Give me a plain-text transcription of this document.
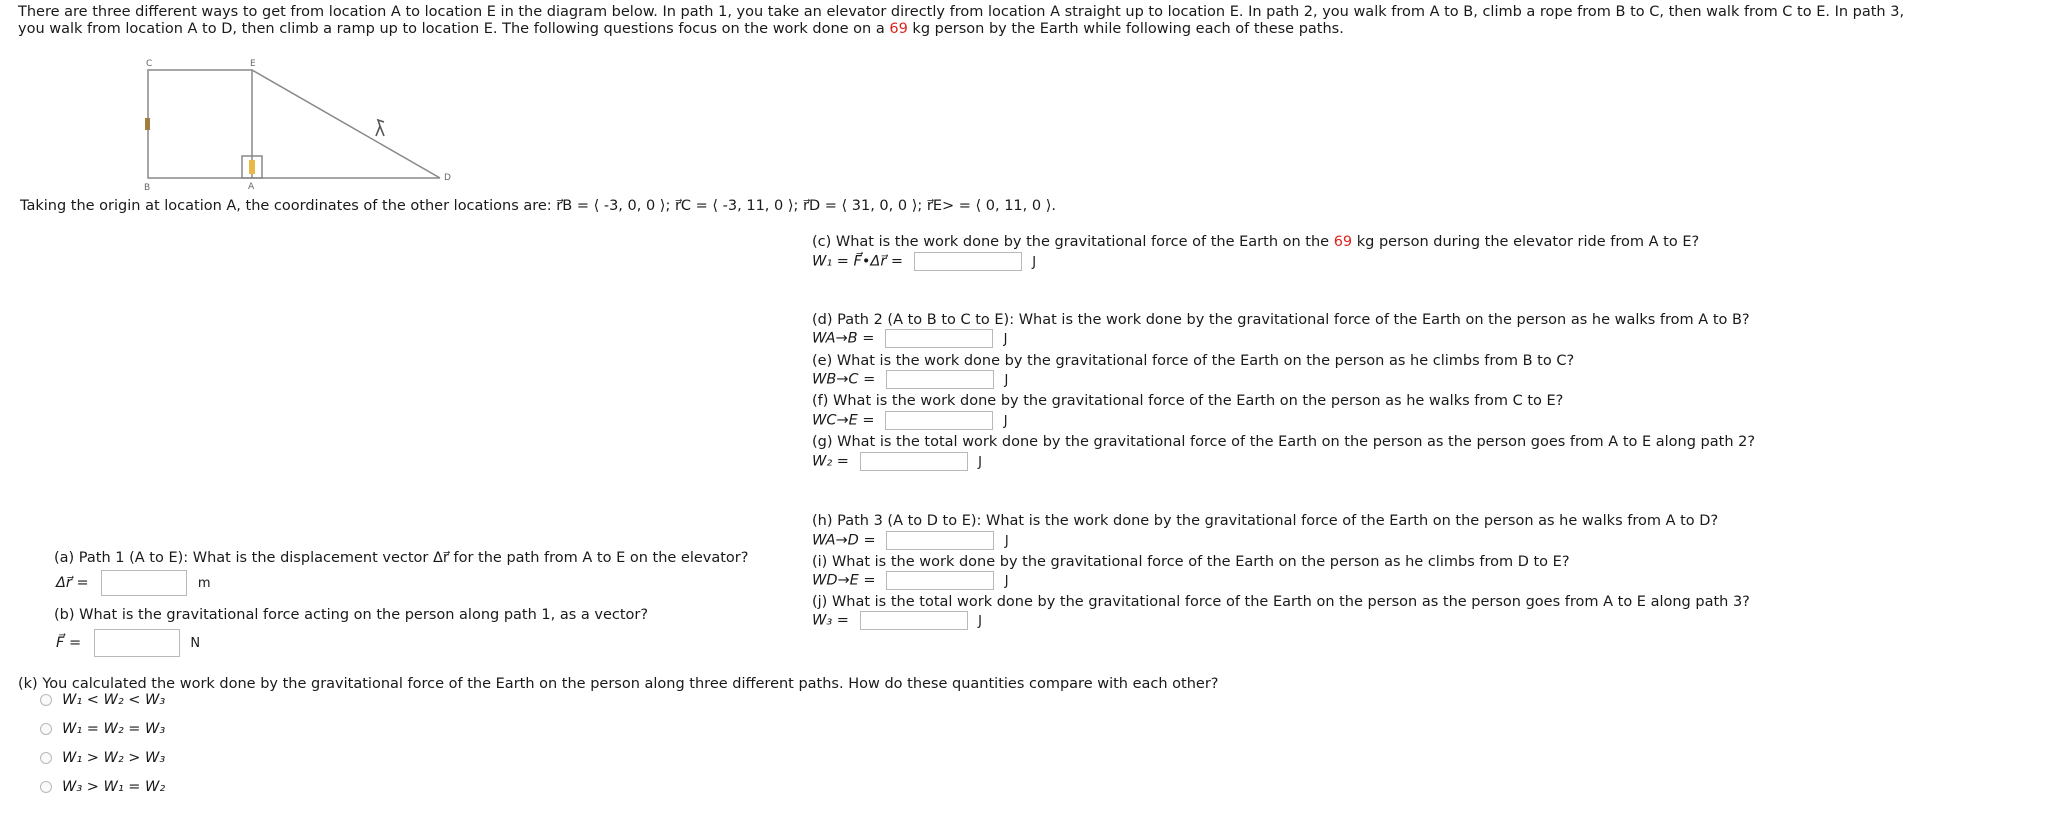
There are three different ways to get from location A to location E in the diagram below. In path 1, you take an elevator directly from location A straight up to location E. In path 2, you walk from A to B, climb a rope from B to C, then walk from C to E. In path 3,
you walk from location A to D, then climb a ramp up to location E. The following questions focus on the work done on a 69 kg person by the Earth while following each of these paths.
C	E
B	A
D
Taking the origin at location A, the coordinates of the other locations are: r⃗B = ⟨ -3, 0, 0 ⟩; r⃗C = ⟨ -3, 11, 0 ⟩; r⃗D = ⟨ 31, 0, 0 ⟩; r⃗E> = ⟨ 0, 11, 0 ⟩.
(c) What is the work done by the gravitational force of the Earth on the 69 kg person during the elevator ride from A to E?
W₁ = F⃗•Δr⃗ =	J
(d) Path 2 (A to B to C to E): What is the work done by the gravitational force of the Earth on the person as he walks from A to B?
WA→B =	J
(e) What is the work done by the gravitational force of the Earth on the person as he climbs from B to C?
WB→C =	J
(f) What is the work done by the gravitational force of the Earth on the person as he walks from C to E?
WC→E =	J
(g) What is the total work done by the gravitational force of the Earth on the person as the person goes from A to E along path 2?
W₂ =	J
(h) Path 3 (A to D to E): What is the work done by the gravitational force of the Earth on the person as he walks from A to D?
WA→D =	J
(i) What is the work done by the gravitational force of the Earth on the person as he climbs from D to E?
WD→E =	J
(j) What is the total work done by the gravitational force of the Earth on the person as the person goes from A to E along path 3?
W₃ =	J
(a) Path 1 (A to E): What is the displacement vector Δr⃗ for the path from A to E on the elevator?
Δr⃗ =	m
(b) What is the gravitational force acting on the person along path 1, as a vector?
F⃗ =	N
(k) You calculated the work done by the gravitational force of the Earth on the person along three different paths. How do these quantities compare with each other?
W₁ < W₂ < W₃
W₁ = W₂ = W₃
W₁ > W₂ > W₃
W₃ > W₁ = W₂
